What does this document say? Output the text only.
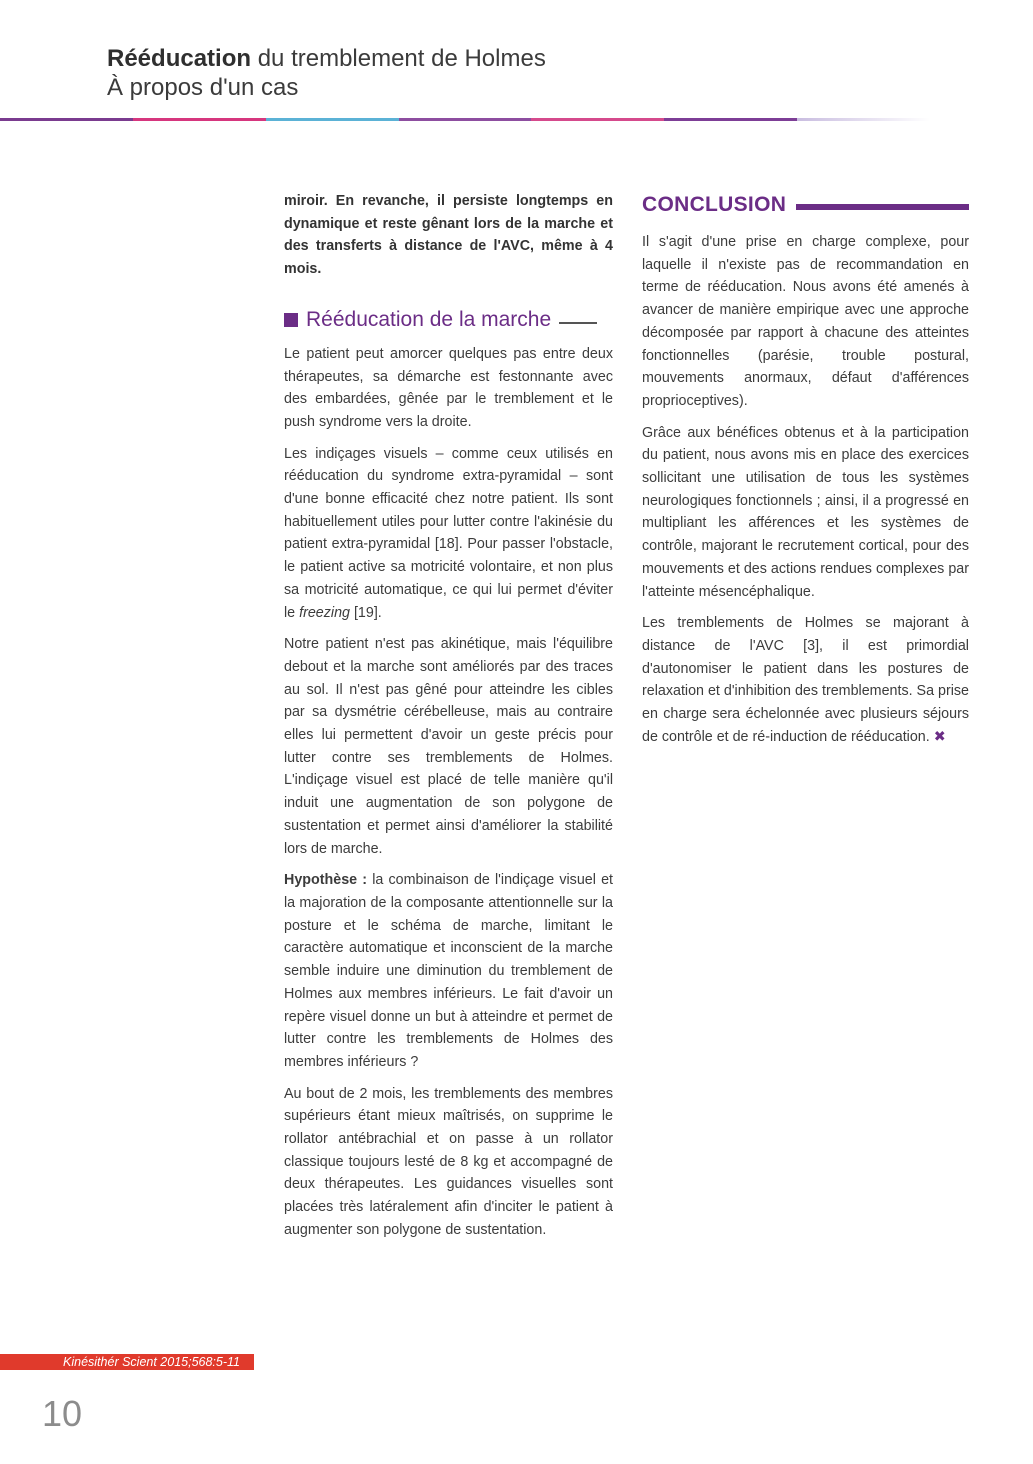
Rééducation du tremblement de Holmes
À propos d'un cas

miroir. En revanche, il persiste longtemps en dynamique et reste gênant lors de la marche et des transferts à distance de l'AVC, même à 4 mois.

Rééducation de la marche

Le patient peut amorcer quelques pas entre deux thérapeutes, sa démarche est festonnante avec des embardées, gênée par le tremblement et le push syndrome vers la droite.

Les indiçages visuels – comme ceux utilisés en rééducation du syndrome extra-pyramidal – sont d'une bonne efficacité chez notre patient. Ils sont habituellement utiles pour lutter contre l'akinésie du patient extra-pyramidal [18]. Pour passer l'obstacle, le patient active sa motricité volontaire, et non plus sa motricité automatique, ce qui lui permet d'éviter le freezing [19].

Notre patient n'est pas akinétique, mais l'équilibre debout et la marche sont améliorés par des traces au sol. Il n'est pas gêné pour atteindre les cibles par sa dysmétrie cérébelleuse, mais au contraire elles lui permettent d'avoir un geste précis pour lutter contre ses tremblements de Holmes. L'indiçage visuel est placé de telle manière qu'il induit une augmentation de son polygone de sustentation et permet ainsi d'améliorer la stabilité lors de marche.

Hypothèse : la combinaison de l'indiçage visuel et la majoration de la composante attentionnelle sur la posture et le schéma de marche, limitant le caractère automatique et inconscient de la marche semble induire une diminution du tremblement de Holmes aux membres inférieurs. Le fait d'avoir un repère visuel donne un but à atteindre et permet de lutter contre les tremblements de Holmes des membres inférieurs ?

Au bout de 2 mois, les tremblements des membres supérieurs étant mieux maîtrisés, on supprime le rollator antébrachial et on passe à un rollator classique toujours lesté de 8 kg et accompagné de deux thérapeutes. Les guidances visuelles sont placées très latéralement afin d'inciter le patient à augmenter son polygone de sustentation.

CONCLUSION

Il s'agit d'une prise en charge complexe, pour laquelle il n'existe pas de recommandation en terme de rééducation. Nous avons été amenés à avancer de manière empirique avec une approche décomposée par rapport à chacune des atteintes fonctionnelles (parésie, trouble postural, mouvements anormaux, défaut d'afférences proprioceptives).

Grâce aux bénéfices obtenus et à la participation du patient, nous avons mis en place des exercices sollicitant une utilisation de tous les systèmes neurologiques fonctionnels ; ainsi, il a progressé en multipliant les afférences et les systèmes de contrôle, majorant le recrutement cortical, pour des mouvements et des actions rendues complexes par l'atteinte mésencéphalique.

Les tremblements de Holmes se majorant à distance de l'AVC [3], il est primordial d'autonomiser le patient dans les postures de relaxation et d'inhibition des tremblements. Sa prise en charge sera échelonnée avec plusieurs séjours de contrôle et de ré-induction de rééducation. ✖

Kinésithér Scient 2015;568:5-11
10
